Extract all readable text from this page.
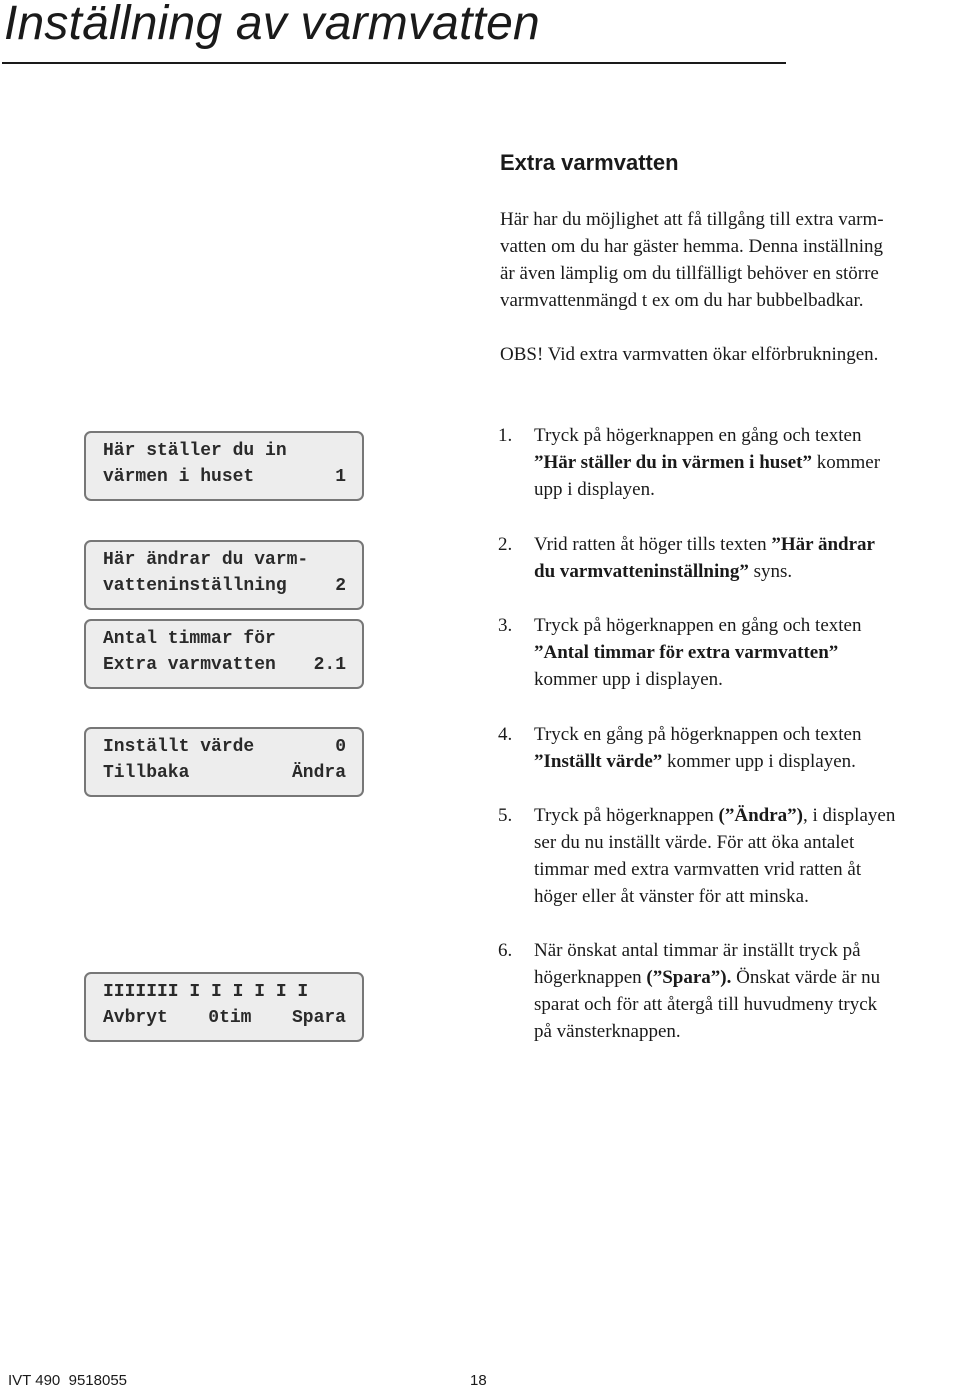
Inställning av varmvatten
Extra varmvatten

Här har du möjlighet att få tillgång till extra varm-
vatten om du har gäster hemma. Denna inställning
är även lämplig om du tillfälligt behöver en större
varmvattenmängd t ex om du har bubbelbadkar.

OBS! Vid extra varmvatten ökar elförbrukningen.

Här ställer du in
värmen i huset	1
Här ändrar du varm-
vatteninställning	2
Antal timmar för
Extra varmvatten 2.1
Inställt värde	0
Tillbaka	Ändra
IIIIIII I I I I I I
Avbryt 0tim Spara
1. Tryck på högerknappen en gång och texten
”Här ställer du in värmen i huset” kommer
upp i displayen.
2. Vrid ratten åt höger tills texten ”Här ändrar
du varmvatteninställning” syns.
3. Tryck på högerknappen en gång och texten
”Antal timmar för extra varmvatten”
kommer upp i displayen.
4. Tryck en gång på högerknappen och texten
”Inställt värde” kommer upp i displayen.
5. Tryck på högerknappen (”Ändra”), i displayen
ser du nu inställt värde. För att öka antalet
timmar med extra varmvatten vrid ratten åt
höger eller åt vänster för att minska.
6. När önskat antal timmar är inställt tryck på
högerknappen (”Spara”). Önskat värde är nu
sparat och för att återgå till huvudmeny tryck
på vänsterknappen.
IVT 490 9518055	18
